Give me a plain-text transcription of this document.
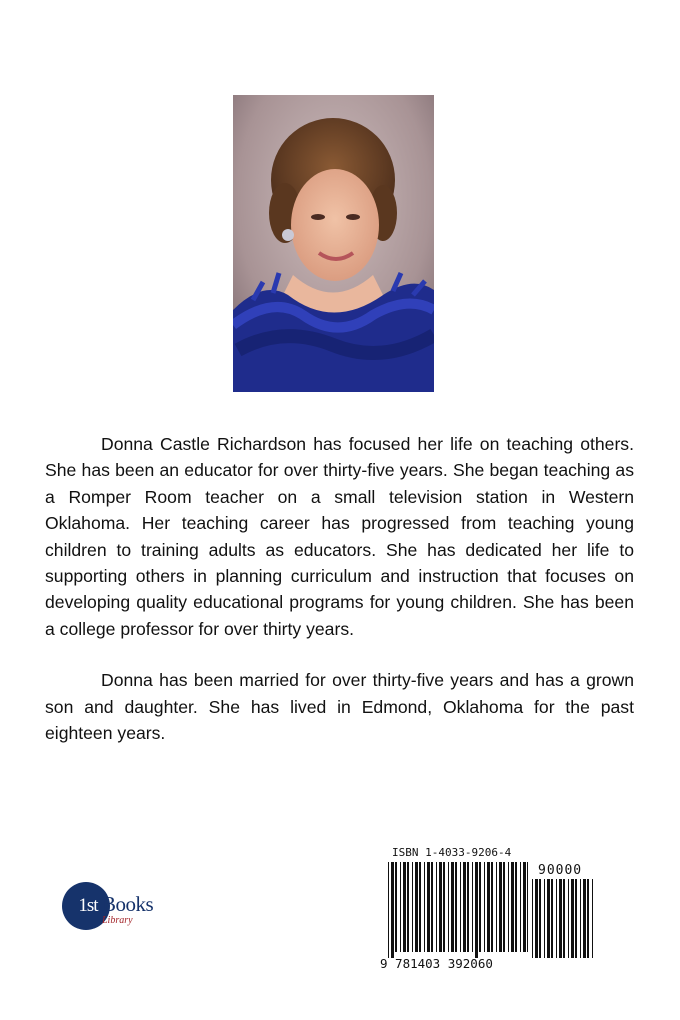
Donna Castle Richardson has focused her life on teaching others. She has been an educator for over thirty-five years. She began teaching as a Romper Room teacher on a small television station in Western Oklahoma. Her teaching career has progressed from teaching young children to training adults as educators. She has dedicated her life to supporting others in planning curriculum and instruction that focuses on developing quality educational programs for young children. She has been a college professor for over thirty years.

Donna has been married for over thirty-five years and has a grown son and daughter. She has lived in Edmond, Oklahoma for the past eighteen years.

1st Books
Library
ISBN 1-4033-9206-4
90000
9 781403 392060
